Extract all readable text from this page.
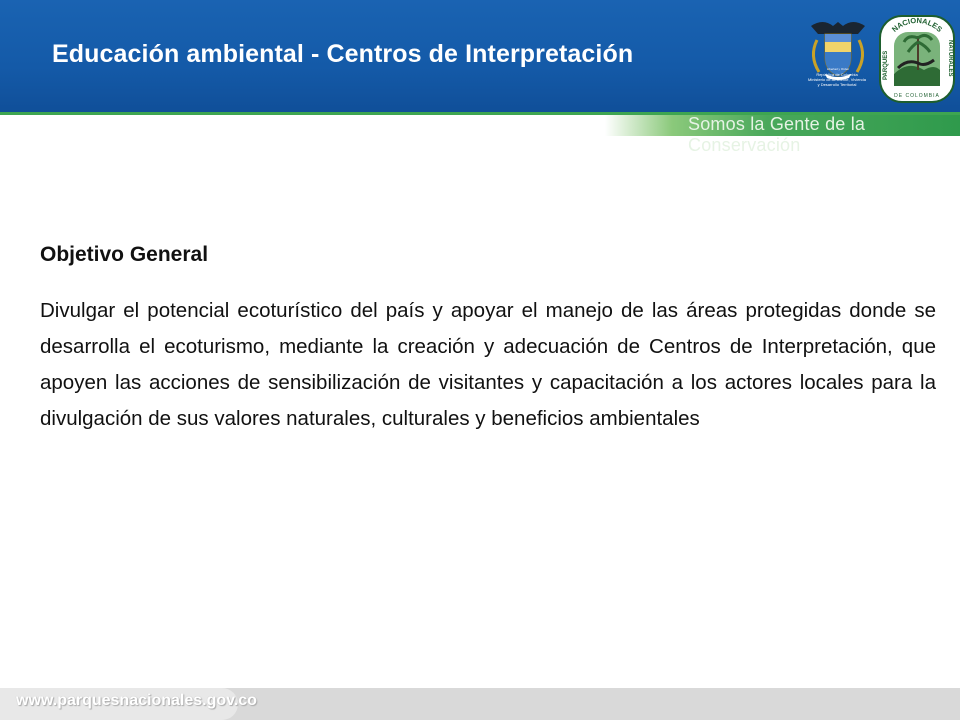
Educación ambiental - Centros de Interpretación
Libertad y Orden
República de Colombia
Ministerio de Ambiente, Vivienda
y Desarrollo Territorial
NACIONALES
PARQUES	NATURALES
DE COLOMBIA
Somos la Gente de la Conservación

Objetivo General

Divulgar el potencial ecoturístico del país y apoyar el manejo de las áreas protegidas donde se desarrolla el ecoturismo, mediante la creación y adecuación de Centros de Interpretación, que apoyen las acciones de sensibilización de visitantes y capacitación a los actores locales para la divulgación de sus valores naturales, culturales y beneficios ambientales

www.parquesnacionales.gov.co
